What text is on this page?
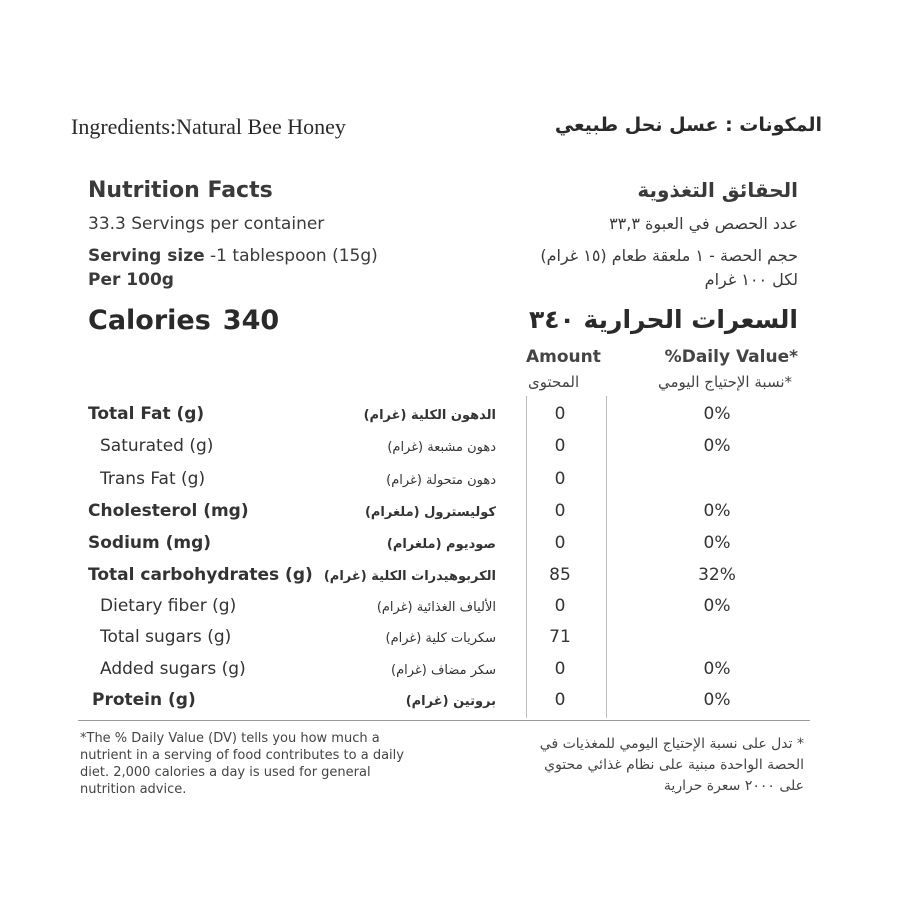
Ingredients:Natural Bee Honey	المكونات : عسل نحل طبيعي
Nutrition Facts	الحقائق التغذوية
33.3 Servings per container	عدد الحصص في العبوة ٣٣,٣
Serving size -1 tablespoon (15g)	حجم الحصة - ١ ملعقة طعام (١٥ غرام)
Per 100g	لكل ١٠٠ غرام
Calories 340	السعرات الحرارية ٣٤٠
Amount	*Daily Value%
المحتوى	*نسبة الإحتياج اليومي
Total Fat (g)	الدهون الكلية (غرام)	0	0%
Saturated (g)	دهون مشبعة (غرام)	0	0%
Trans Fat (g)	دهون متحولة (غرام)	0
Cholesterol (mg)	كوليسترول (ملغرام)	0	0%
Sodium (mg)	صوديوم (ملغرام)	0	0%
Total carbohydrates (g) الكربوهيدرات الكلية (غرام)	85	32%
Dietary fiber (g)	الألياف الغذائية (غرام)	0	0%
Total sugars (g)	سكريات كلية (غرام)	71
Added sugars (g)	سكر مضاف (غرام)	0	0%
Protein (g)	بروتين (غرام)	0	0%
*The % Daily Value (DV) tells you how much a
nutrient in a serving of food contributes to a daily
diet. 2,000 calories a day is used for general
nutrition advice.
* تدل على نسبة الإحتياج اليومي للمغذيات في
الحصة الواحدة مبنية على نظام غذائي محتوي
على ٢٠٠٠ سعرة حرارية
